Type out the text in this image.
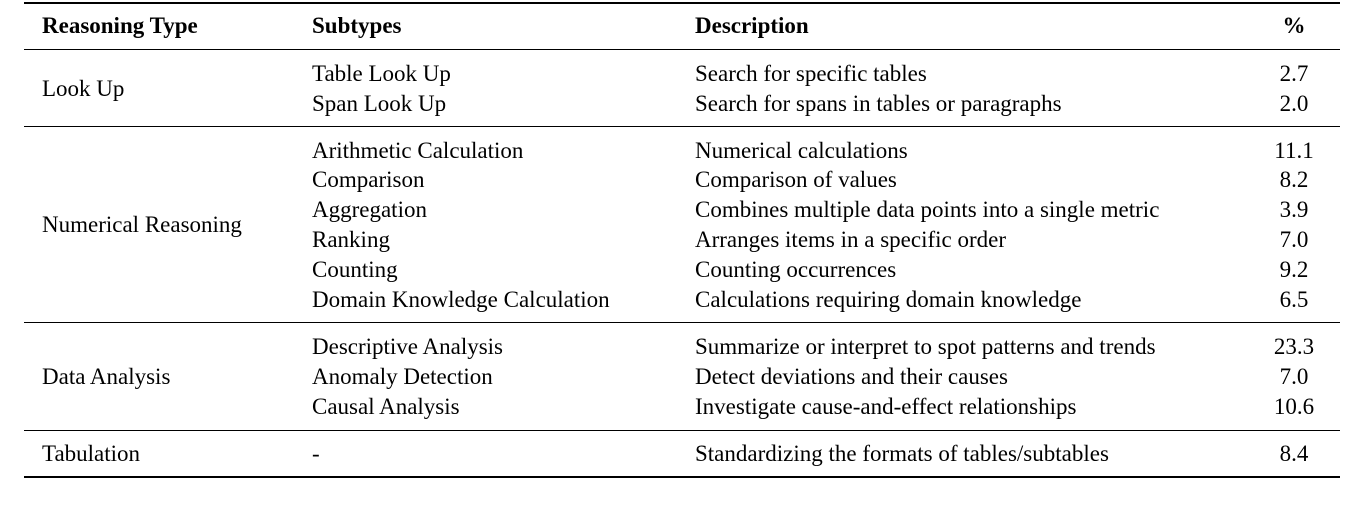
Reasoning Type	Subtypes	Description	%
Look Up
Table Look Up	Search for specific tables	2.7
Span Look Up	Search for spans in tables or paragraphs	2.0
Numerical Reasoning
Arithmetic Calculation	Numerical calculations	11.1
Comparison	Comparison of values	8.2
Aggregation	Combines multiple data points into a single metric	3.9
Ranking	Arranges items in a specific order	7.0
Counting	Counting occurrences	9.2
Domain Knowledge Calculation	Calculations requiring domain knowledge	6.5
Data Analysis
Descriptive Analysis	Summarize or interpret to spot patterns and trends	23.3
Anomaly Detection	Detect deviations and their causes	7.0
Causal Analysis	Investigate cause-and-effect relationships	10.6
Tabulation	-	Standardizing the formats of tables/subtables	8.4
